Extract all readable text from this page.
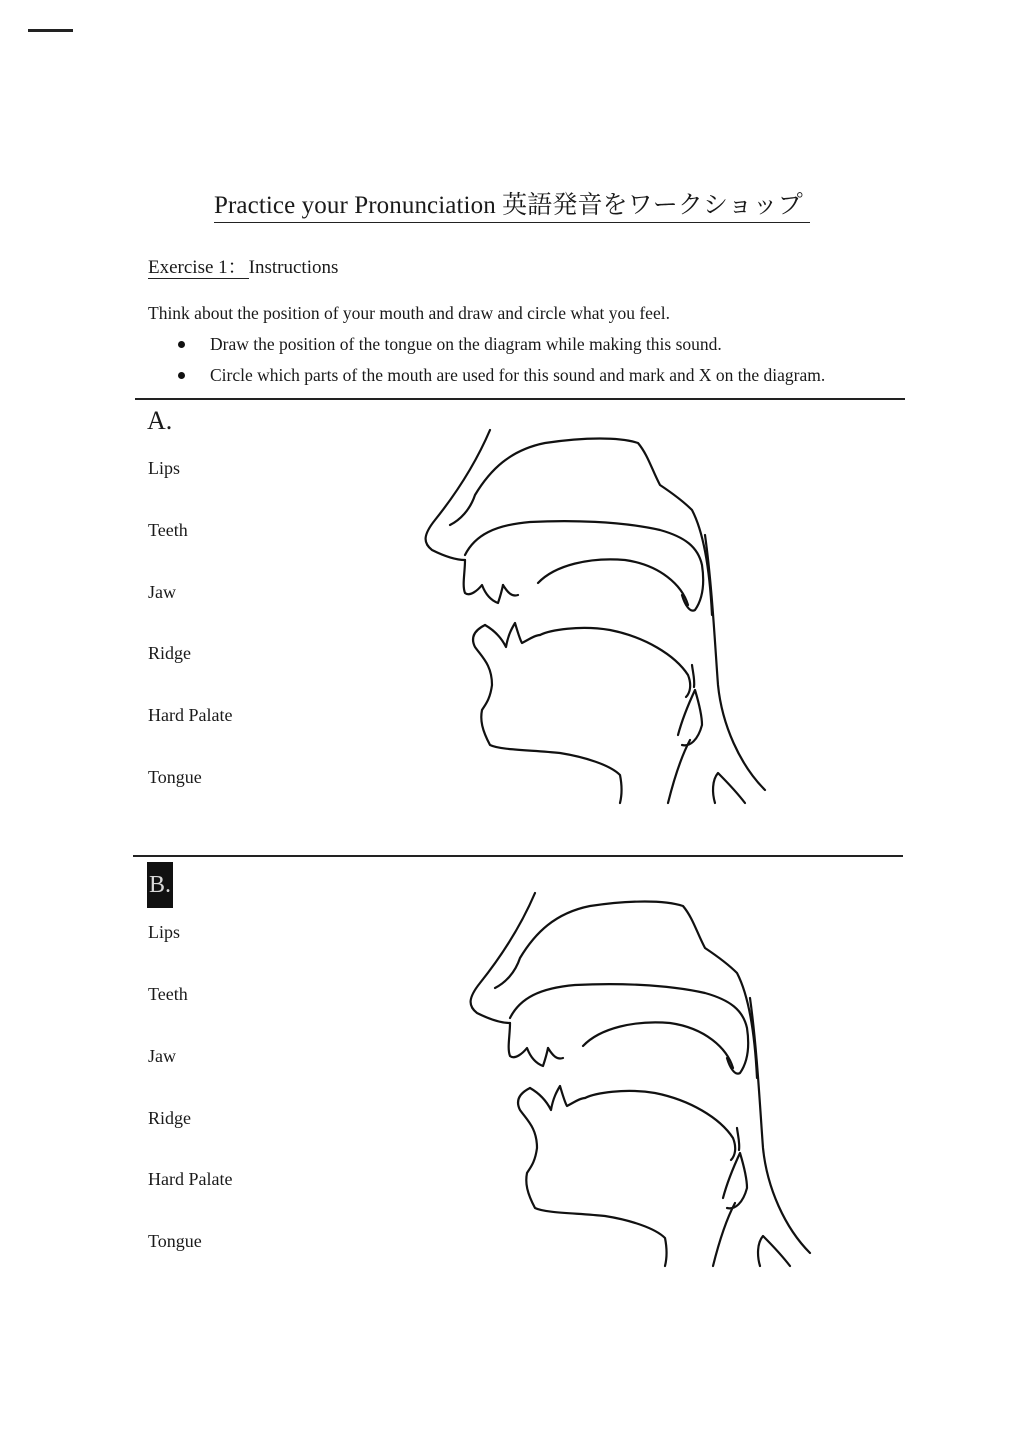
Practice your Pronunciation 英語発音をワークショップ
Exercise 1： Instructions
Think about the position of your mouth and draw and circle what you feel.
Draw the position of the tongue on the diagram while making this sound.
Circle which parts of the mouth are used for this sound and mark and X on the diagram.
A.
Lips
Teeth
Jaw
Ridge
Hard Palate
Tongue
B.
Lips
Teeth
Jaw
Ridge
Hard Palate
Tongue
